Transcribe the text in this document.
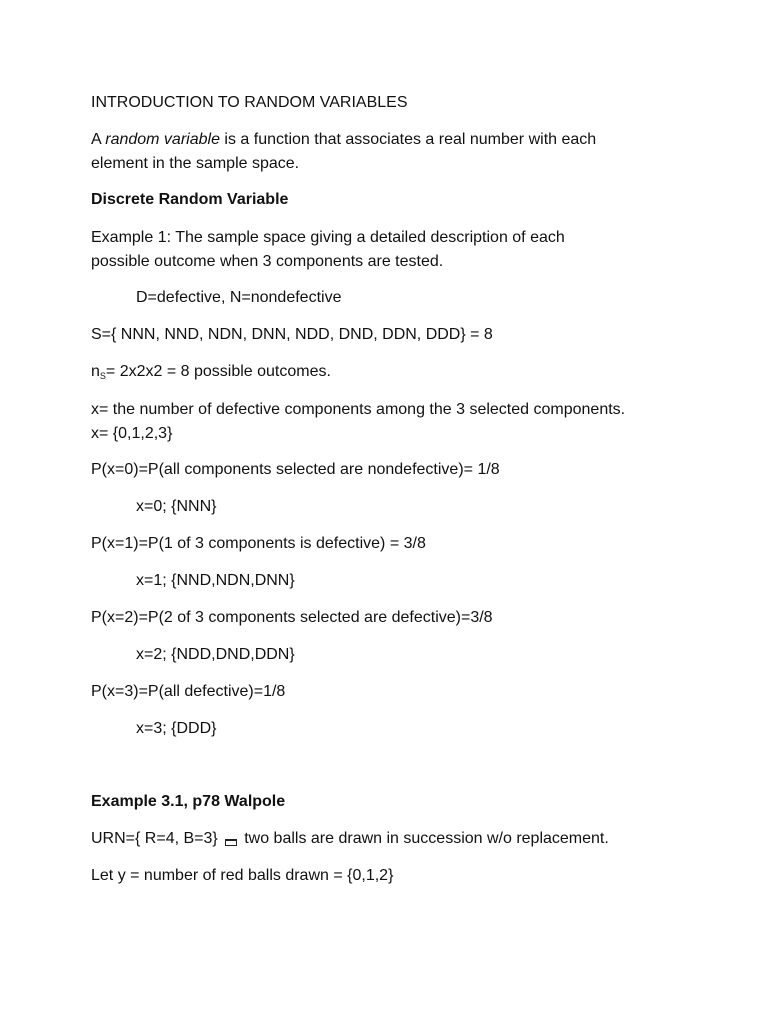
INTRODUCTION TO RANDOM VARIABLES

A random variable is a function that associates a real number with each

element in the sample space.

Discrete Random Variable

Example 1: The sample space giving a detailed description of each

possible outcome when 3 components are tested.

D=defective, N=nondefective

S={ NNN, NND, NDN, DNN, NDD, DND, DDN, DDD} = 8

$n_S= 2x2x2 = 8$ possible outcomes.

x= the number of defective components among the 3 selected components.

x= {0,1,2,3}

P(x=0)=P(all components selected are nondefective)= 1/8

x=0; {NNN}

P(x=1)=P(1 of 3 components is defective) = 3/8

x=1; {NND,NDN,DNN}

P(x=2)=P(2 of 3 components selected are defective)=3/8

x=2; {NDD,DND,DDN}

P(x=3)=P(all defective)=1/8

x=3; {DDD}

Example 3.1, p78 Walpole

URN={ R=4, B=3} two balls are drawn in succession w/o replacement.

Let y = number of red balls drawn = {0,1,2}
